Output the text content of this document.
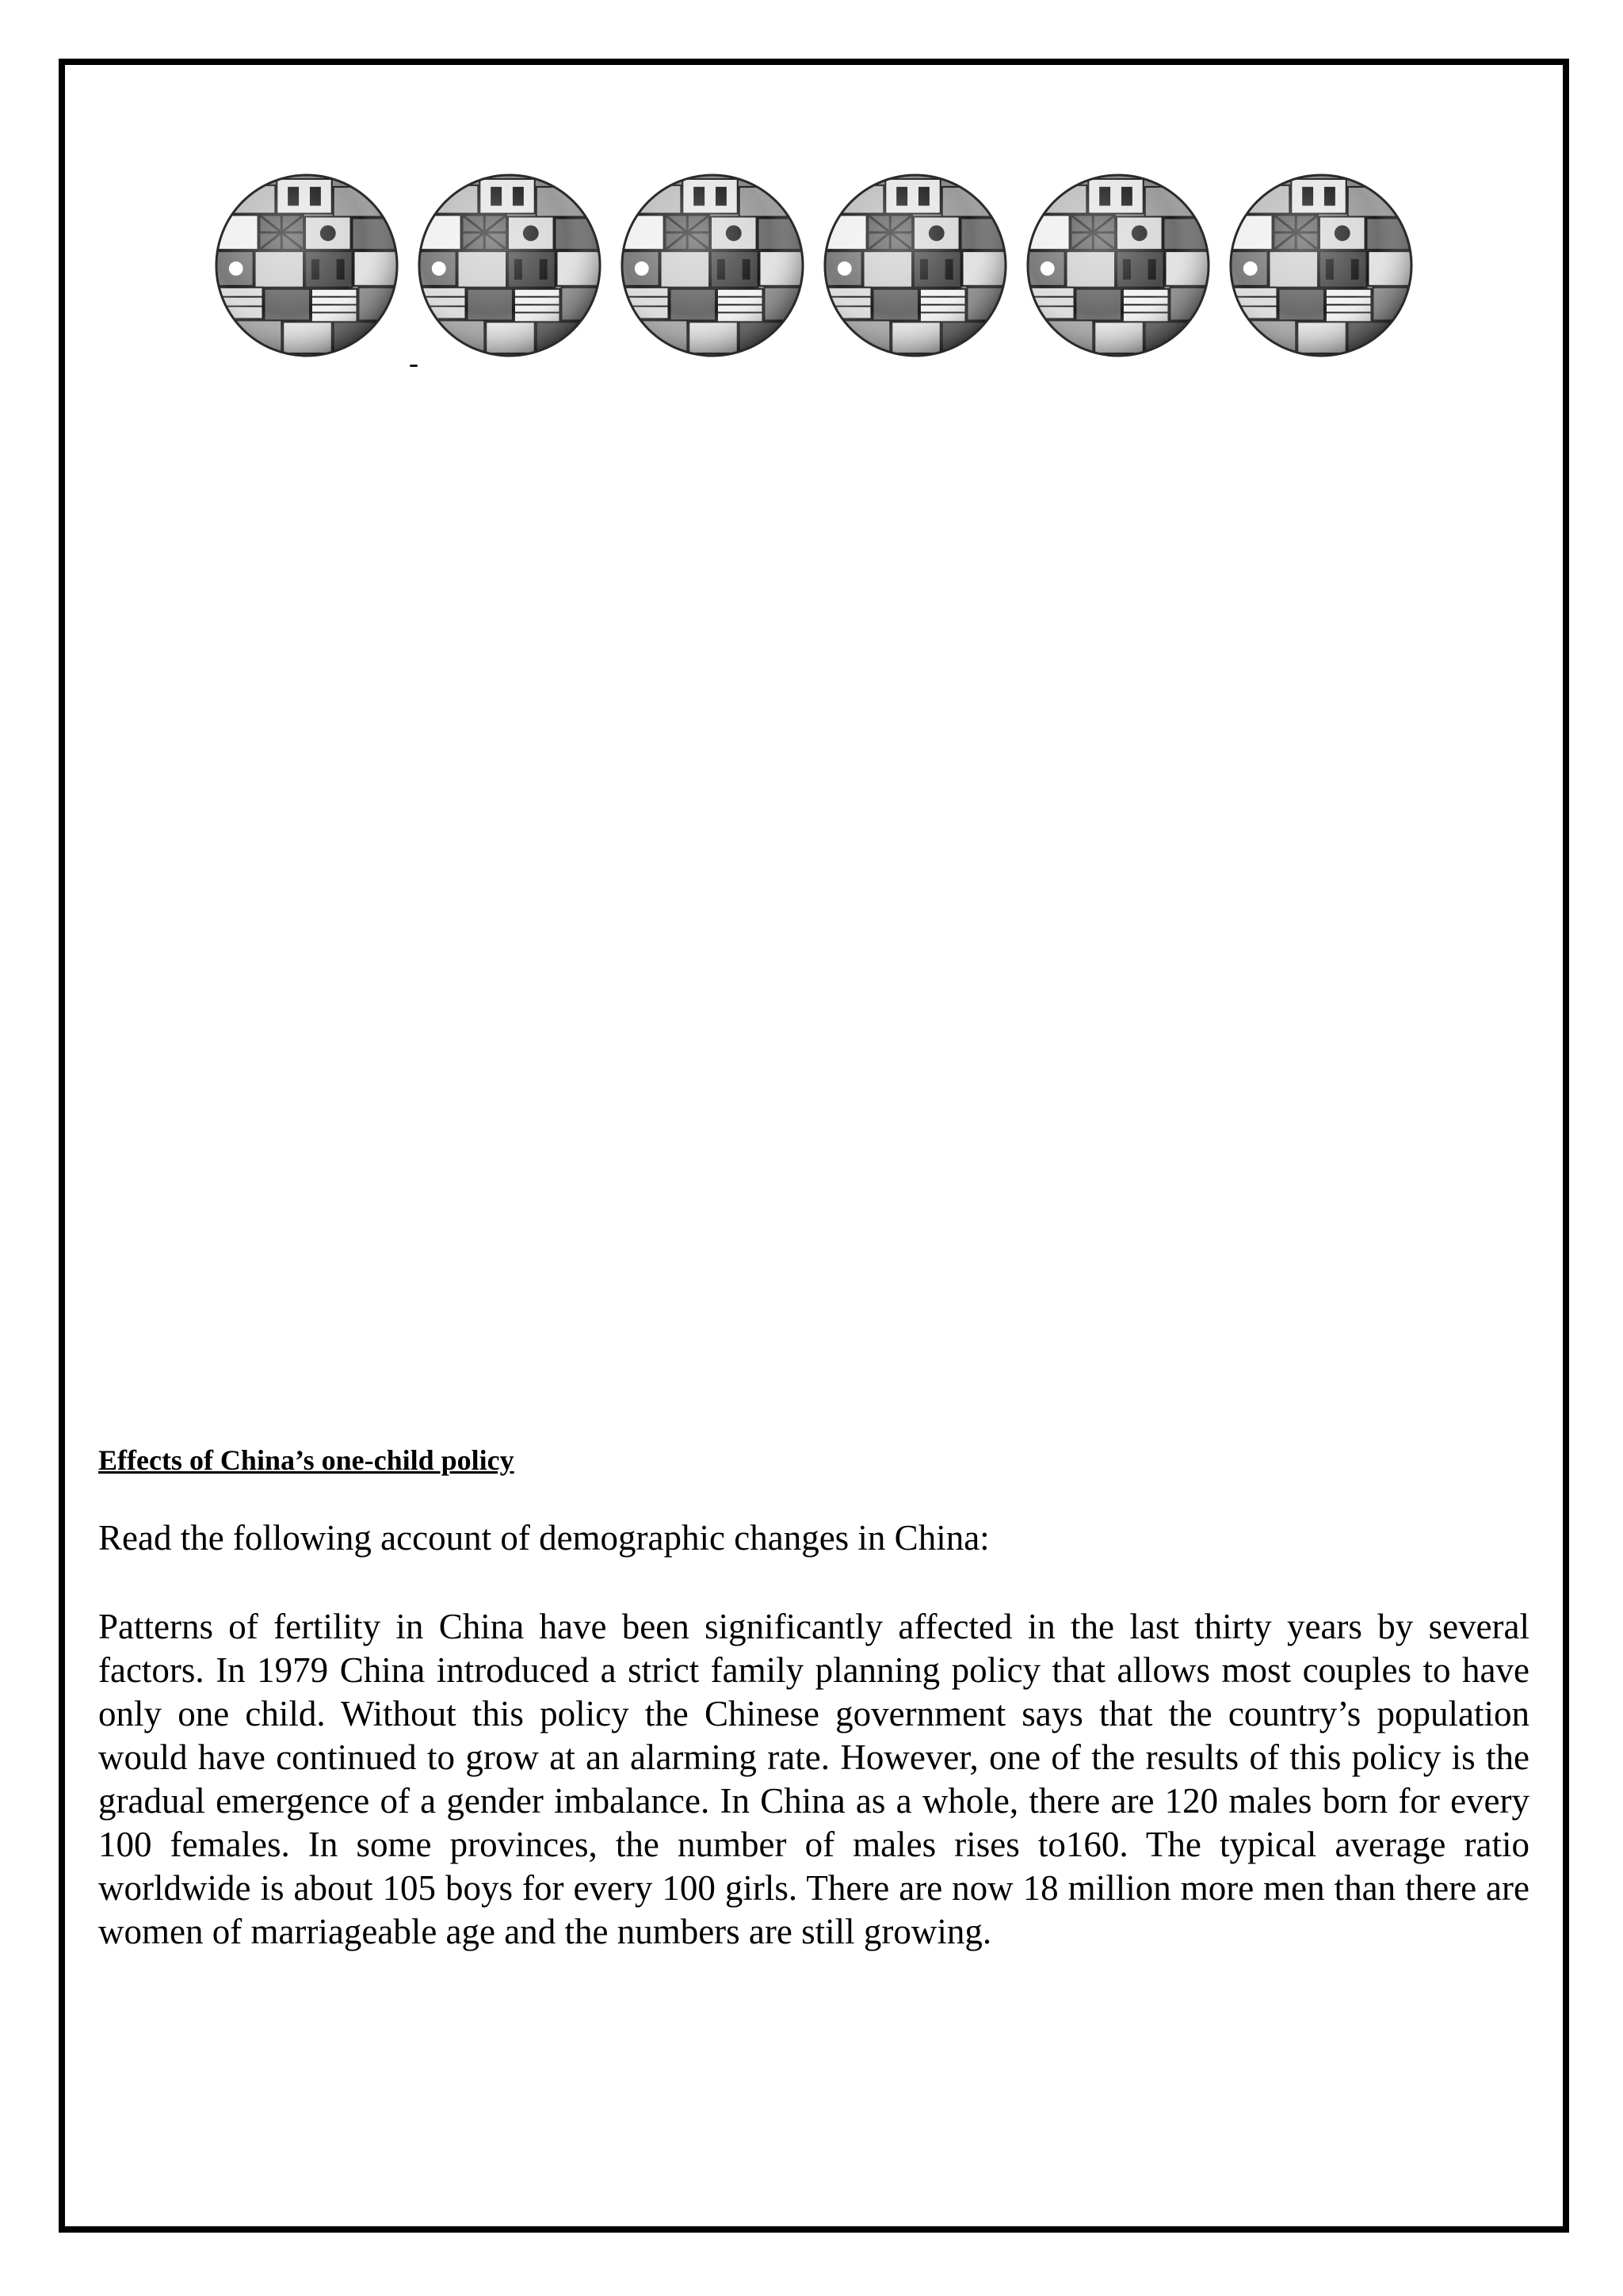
-
Effects of China’s one-child policy

Read the following account of demographic changes in China:

Patterns of fertility in China have been significantly affected in the last thirty years by several factors. In 1979 China introduced a strict family planning policy that allows most couples to have only one child. Without this policy the Chinese government says that the country’s population would have continued to grow at an alarming rate. However, one of the results of this policy is the gradual emergence of a gender imbalance. In China as a whole, there are 120 males born for every 100 females. In some provinces, the number of males rises to160. The typical average ratio worldwide is about 105 boys for every 100 girls. There are now 18 million more men than there are women of marriageable age and the numbers are still growing.
